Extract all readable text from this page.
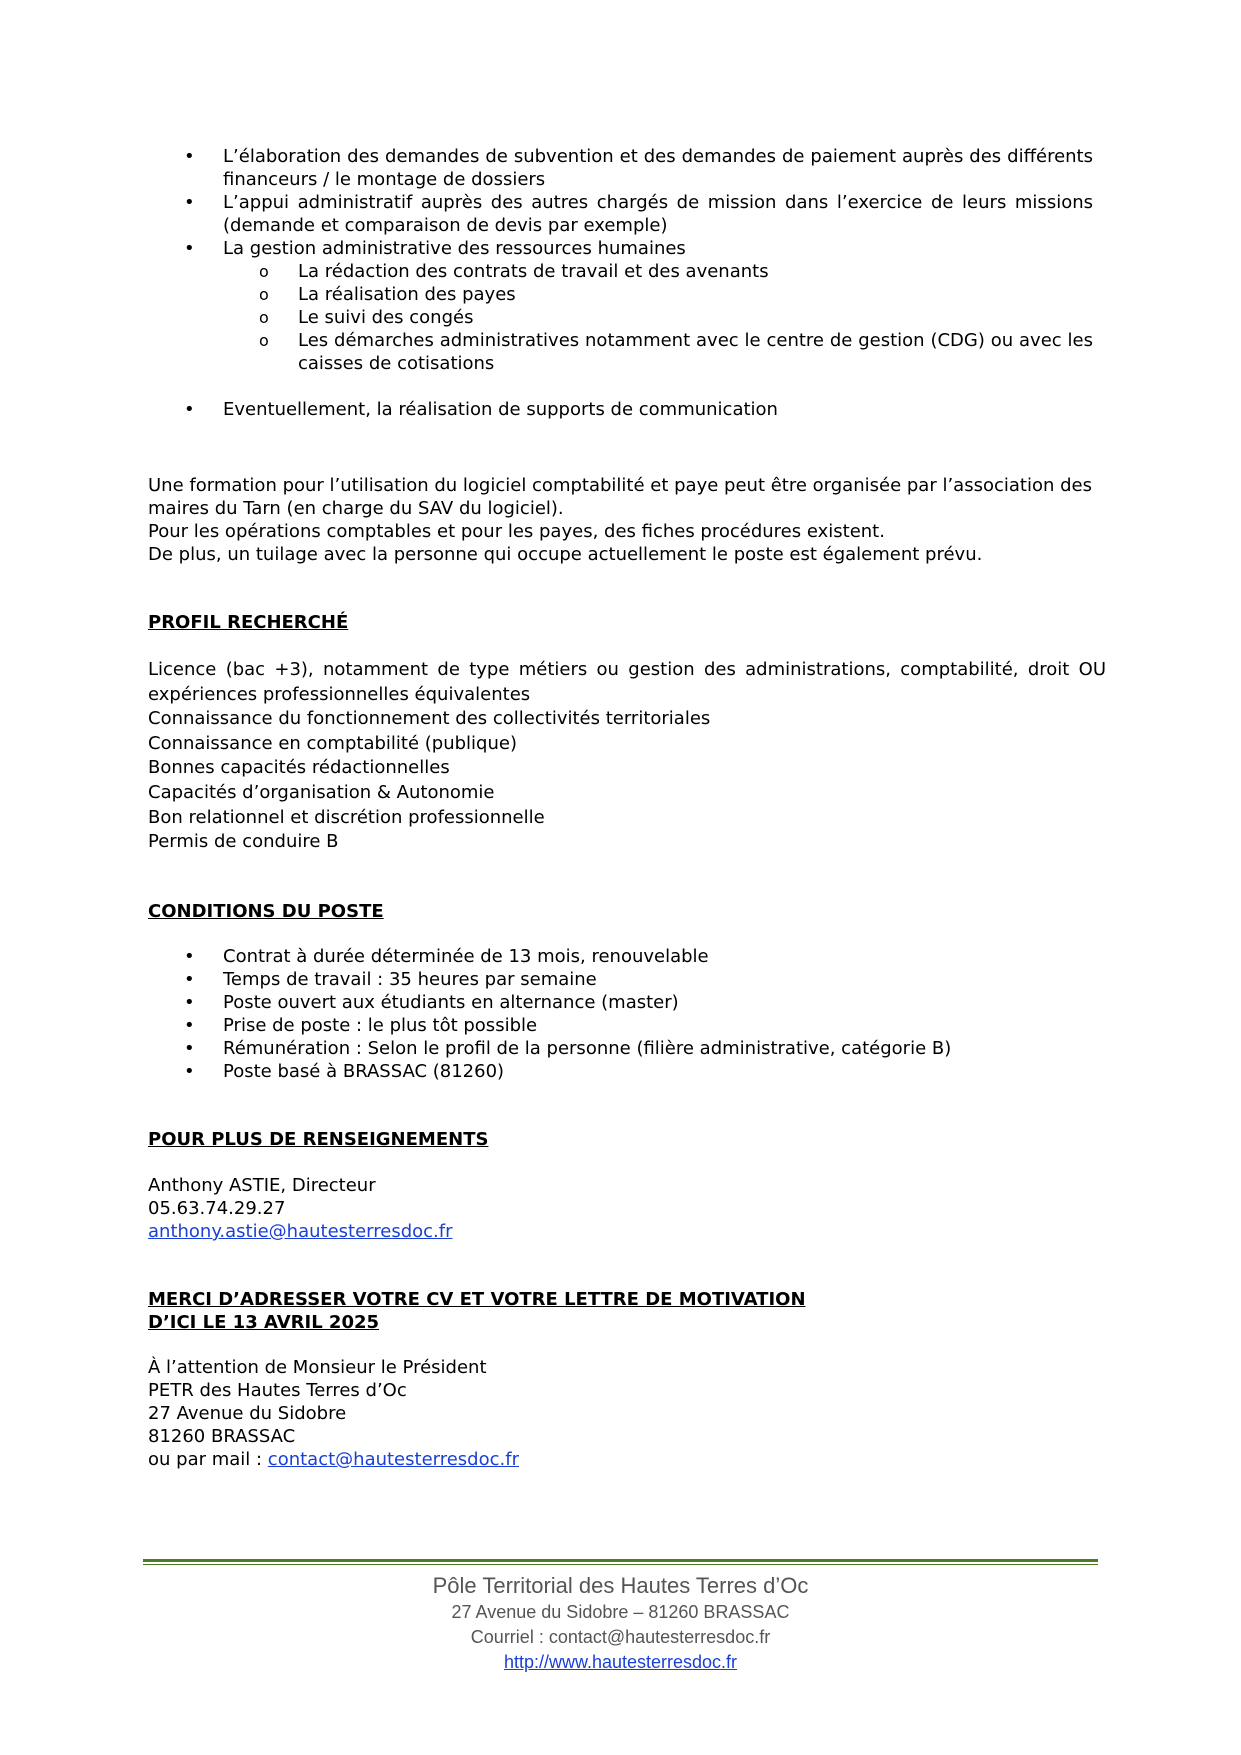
• L’élaboration des demandes de subvention et des demandes de paiement auprès des différents financeurs / le montage de dossiers
• L’appui administratif auprès des autres chargés de mission dans l’exercice de leurs missions (demande et comparaison de devis par exemple)
• La gestion administrative des ressources humaines
o La rédaction des contrats de travail et des avenants
o La réalisation des payes
o Le suivi des congés
o Les démarches administratives notamment avec le centre de gestion (CDG) ou avec les caisses de cotisations
• Eventuellement, la réalisation de supports de communication

Une formation pour l’utilisation du logiciel comptabilité et paye peut être organisée par l’association des maires du Tarn (en charge du SAV du logiciel).

Pour les opérations comptables et pour les payes, des fiches procédures existent.

De plus, un tuilage avec la personne qui occupe actuellement le poste est également prévu.

PROFIL RECHERCHÉ

Licence (bac +3), notamment de type métiers ou gestion des administrations, comptabilité, droit OU expériences professionnelles équivalentes

Connaissance du fonctionnement des collectivités territoriales

Connaissance en comptabilité (publique)

Bonnes capacités rédactionnelles

Capacités d’organisation & Autonomie

Bon relationnel et discrétion professionnelle

Permis de conduire B

CONDITIONS DU POSTE
• Contrat à durée déterminée de 13 mois, renouvelable
• Temps de travail : 35 heures par semaine
• Poste ouvert aux étudiants en alternance (master)
• Prise de poste : le plus tôt possible
• Rémunération : Selon le profil de la personne (filière administrative, catégorie B)
• Poste basé à BRASSAC (81260)
POUR PLUS DE RENSEIGNEMENTS

Anthony ASTIE, Directeur

05.63.74.29.27

anthony.astie@hautesterresdoc.fr

MERCI D’ADRESSER VOTRE CV ET VOTRE LETTRE DE MOTIVATION
D’ICI LE 13 AVRIL 2025

À l’attention de Monsieur le Président

PETR des Hautes Terres d’Oc

27 Avenue du Sidobre

81260 BRASSAC

ou par mail : contact@hautesterresdoc.fr

Pôle Territorial des Hautes Terres d’Oc
27 Avenue du Sidobre – 81260 BRASSAC
Courriel : contact@hautesterresdoc.fr
http://www.hautesterresdoc.fr
